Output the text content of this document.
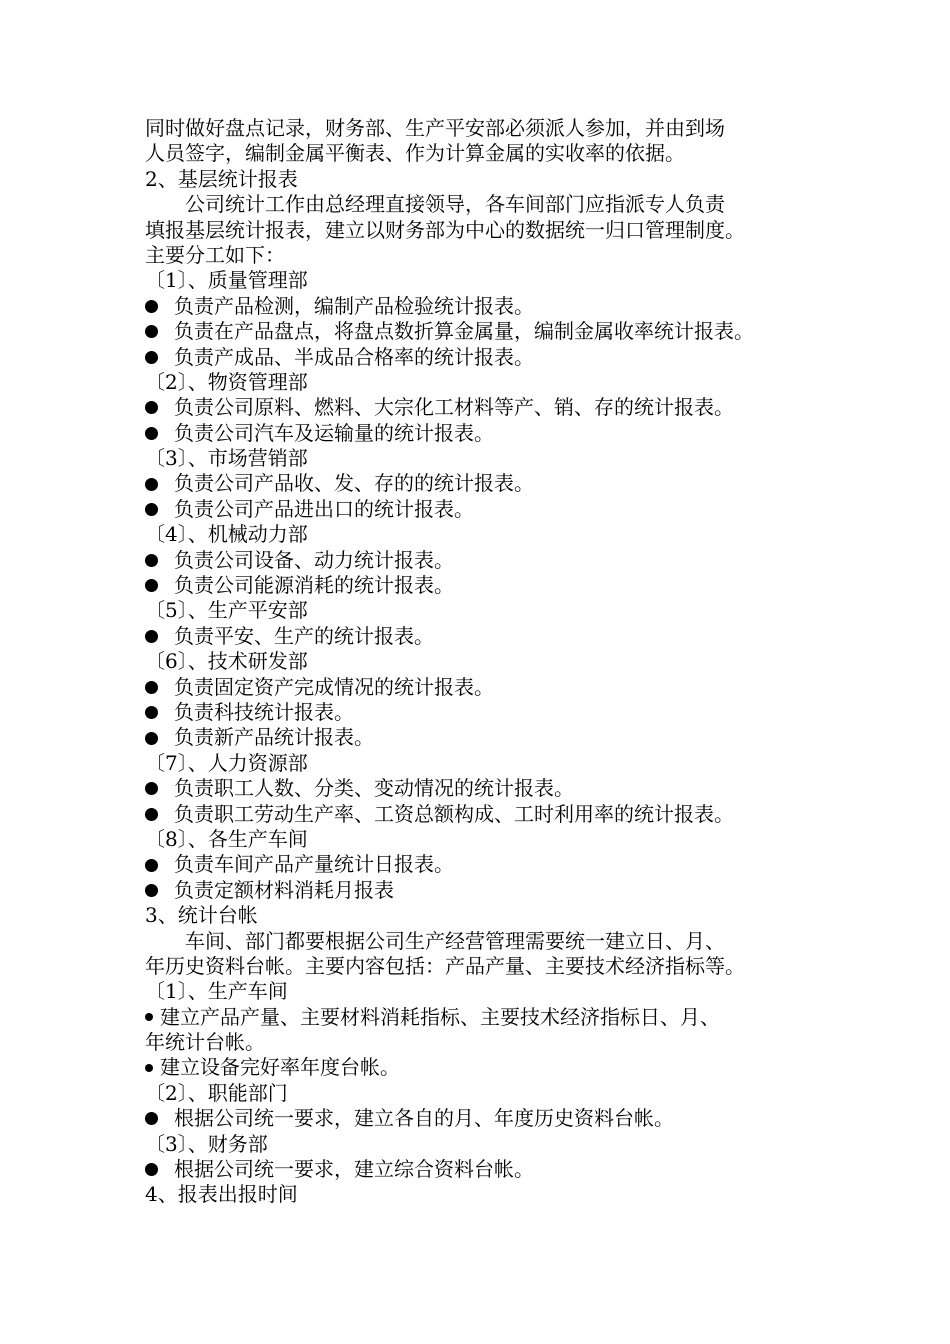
同时做好盘点记录，财务部、生产平安部必须派人参加，并由到场
人员签字，编制金属平衡表、作为计算金属的实收率的依据。
2、基层统计报表
公司统计工作由总经理直接领导，各车间部门应指派专人负责
填报基层统计报表，建立以财务部为中心的数据统一归口管理制度。
主要分工如下：
〔1〕、质量管理部
负责产品检测，编制产品检验统计报表。
负责在产品盘点，将盘点数折算金属量，编制金属收率统计报表。
负责产成品、半成品合格率的统计报表。
〔2〕、物资管理部
负责公司原料、燃料、大宗化工材料等产、销、存的统计报表。
负责公司汽车及运输量的统计报表。
〔3〕、市场营销部
负责公司产品收、发、存的的统计报表。
负责公司产品进出口的统计报表。
〔4〕、机械动力部
负责公司设备、动力统计报表。
负责公司能源消耗的统计报表。
〔5〕、生产平安部
负责平安、生产的统计报表。
〔6〕、技术研发部
负责固定资产完成情况的统计报表。
负责科技统计报表。
负责新产品统计报表。
〔7〕、人力资源部
负责职工人数、分类、变动情况的统计报表。
负责职工劳动生产率、工资总额构成、工时利用率的统计报表。
〔8〕、各生产车间
负责车间产品产量统计日报表。
负责定额材料消耗月报表
3、统计台帐
车间、部门都要根据公司生产经营管理需要统一建立日、月、
年历史资料台帐。主要内容包括：产品产量、主要技术经济指标等。
〔1〕、生产车间
建立产品产量、主要材料消耗指标、主要技术经济指标日、月、
年统计台帐。
建立设备完好率年度台帐。
〔2〕、职能部门
根据公司统一要求，建立各自的月、年度历史资料台帐。
〔3〕、财务部
根据公司统一要求，建立综合资料台帐。
4、报表出报时间
